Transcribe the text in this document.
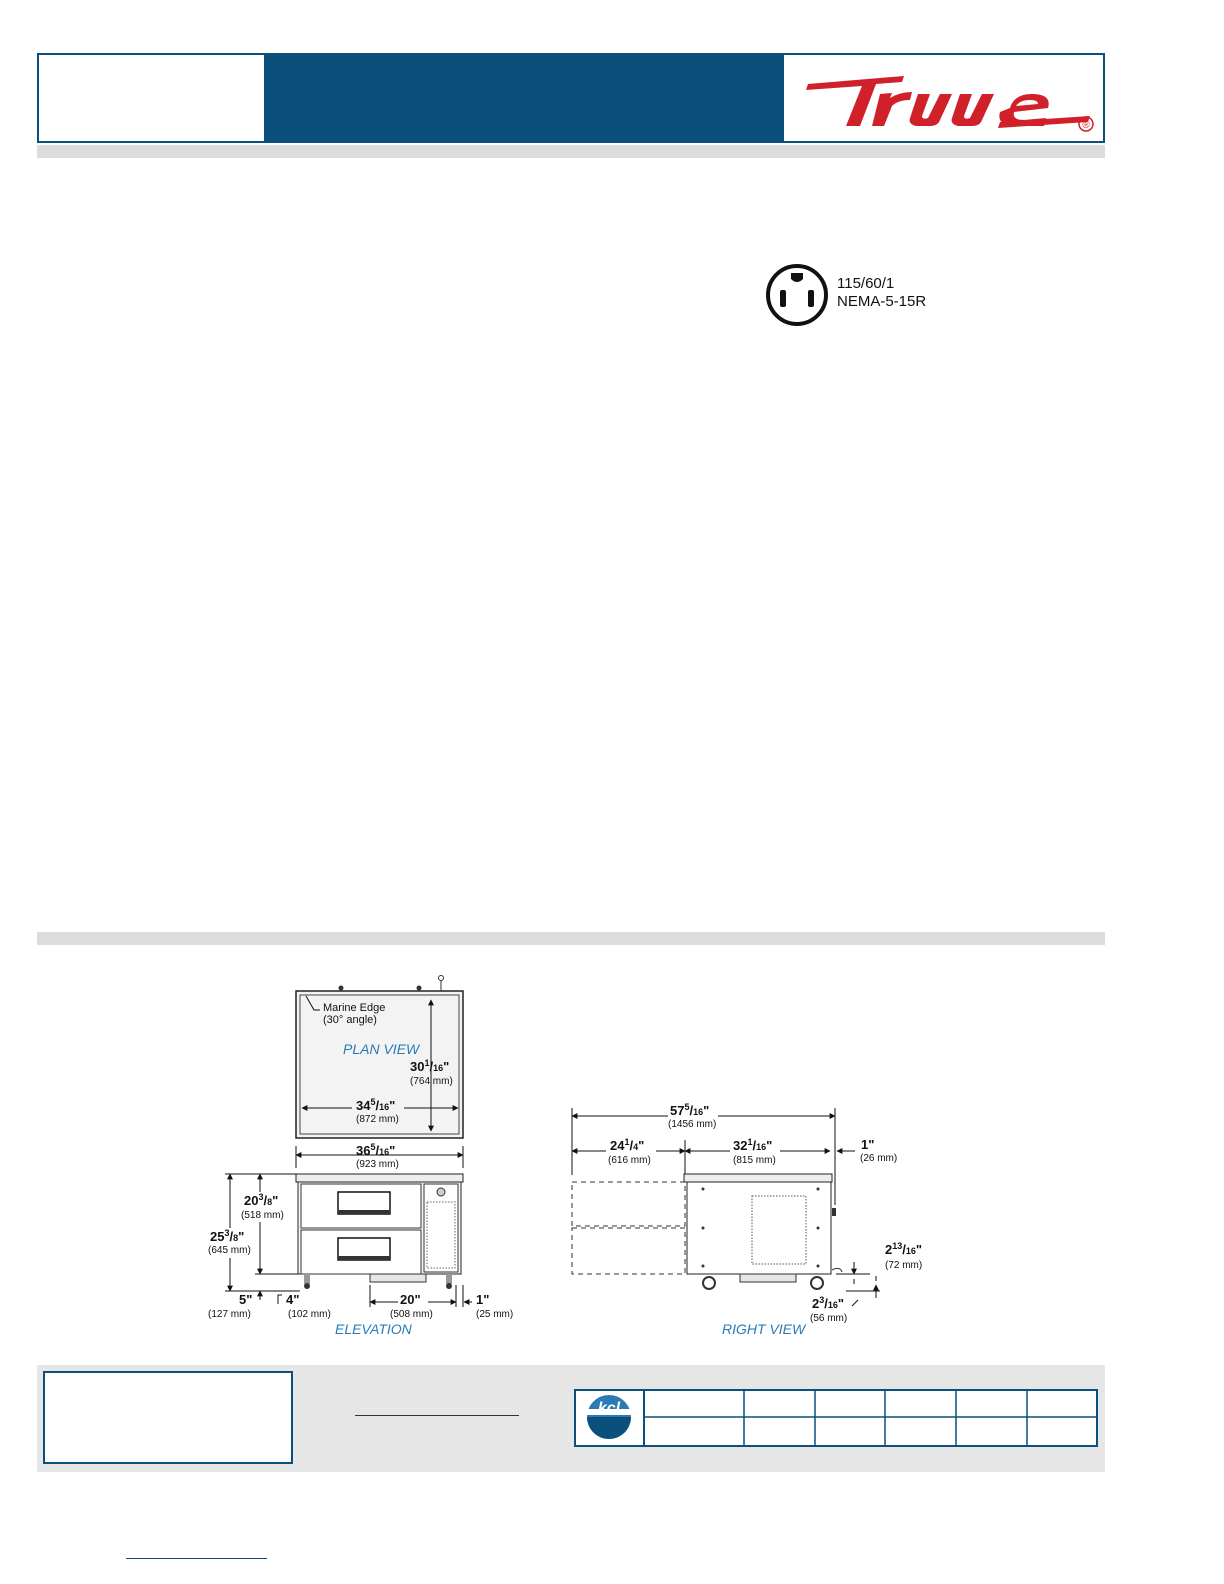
®
115/60/1
NEMA-5-15R
Marine Edge
(30° angle)
PLAN VIEW
$30^1/16$"
(764 mm)
$34^5/16$"
(872 mm)
$36^5/16$"
(923 mm)
$20^3/8$"
(518 mm)
$25^3/8$"
(645 mm)
5"
(127 mm)
4"
(102 mm)
20"
(508 mm)
1"
(25 mm)
ELEVATION
$57^5/16$"
(1456 mm)
$24^1/4$"
(616 mm)
$32^1/16$"
(815 mm)
1"
(26 mm)
$2^{13}/16$"
(72 mm)
$2^3/16$"
(56 mm)
RIGHT VIEW
kcl
